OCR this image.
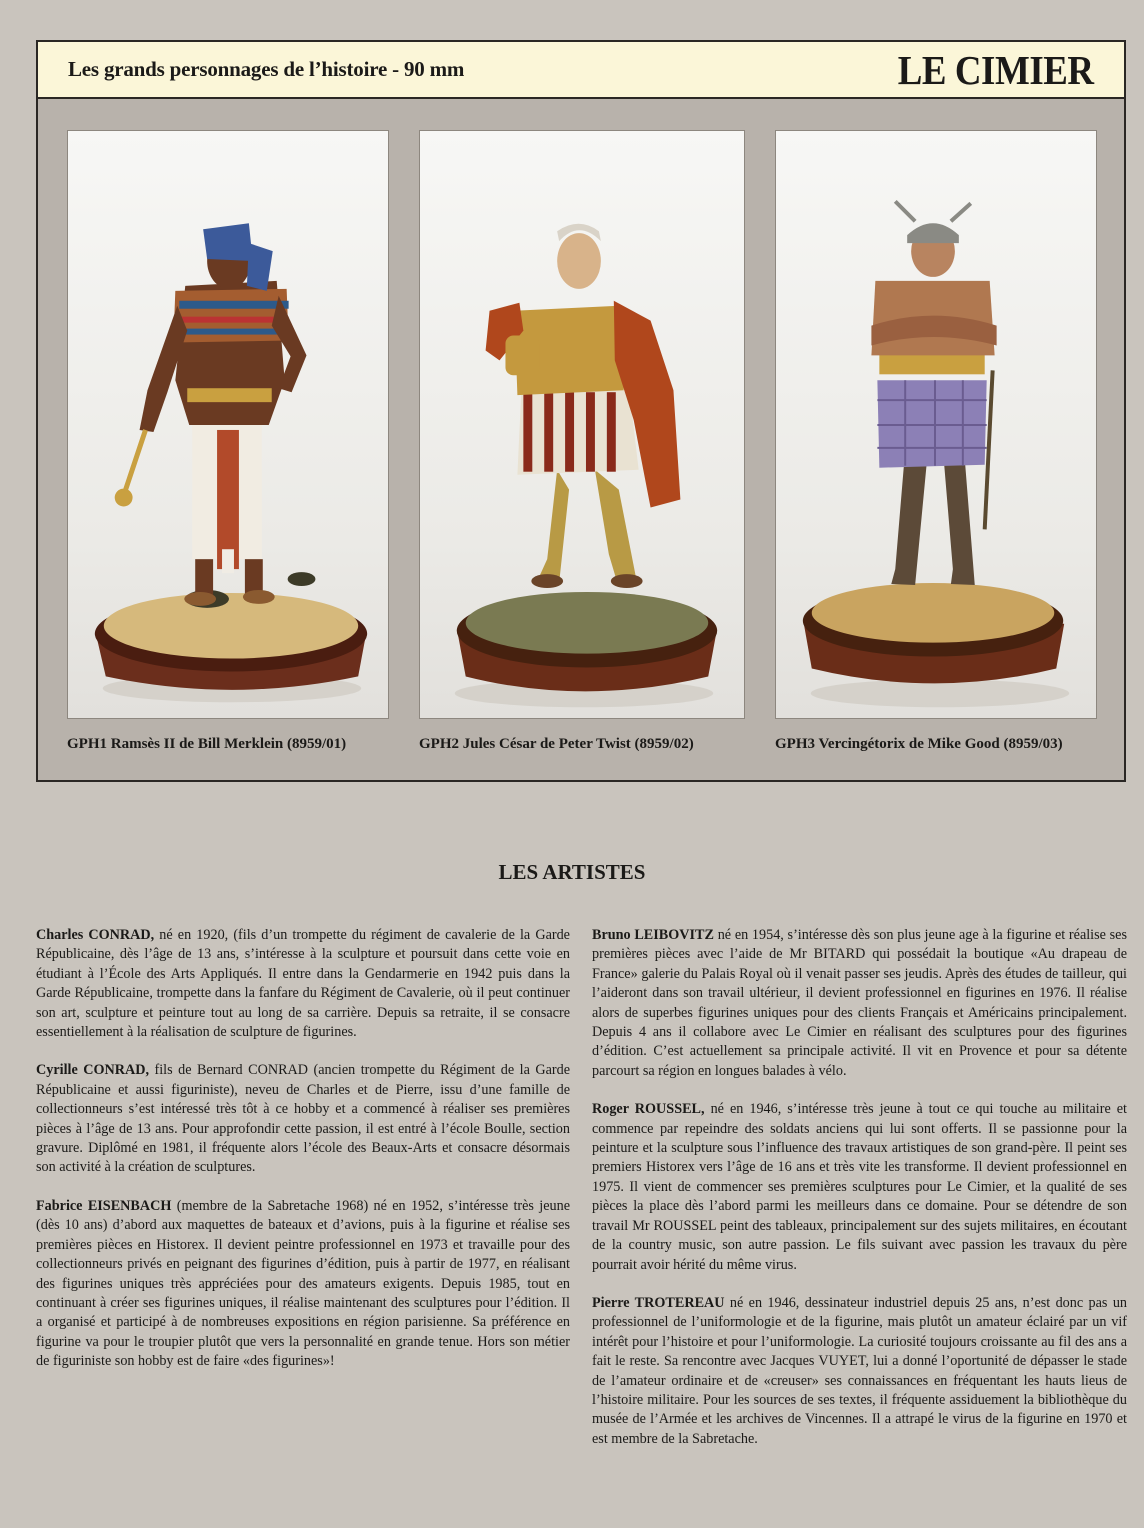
Les grands personnages de l’histoire - 90 mm	LE CIMIER
GPH1 Ramsès II de Bill Merklein (8959/01)	GPH2 Jules César de Peter Twist (8959/02)	GPH3 Vercingétorix de Mike Good (8959/03)
LES ARTISTES

Charles CONRAD, né en 1920, (fils d’un trompette du régiment de cavalerie de la Garde Républicaine, dès l’âge de 13 ans, s’intéresse à la sculpture et poursuit dans cette voie en étudiant à l’École des Arts Appliqués. Il entre dans la Gendarmerie en 1942 puis dans la Garde Républicaine, trompette dans la fanfare du Régiment de Cavalerie, où il peut continuer son art, sculpture et peinture tout au long de sa carrière. Depuis sa retraite, il se consacre essentiellement à la réalisation de sculpture de figurines.

Cyrille CONRAD, fils de Bernard CONRAD (ancien trompette du Régiment de la Garde Républicaine et aussi figuriniste), neveu de Charles et de Pierre, issu d’une famille de collectionneurs s’est intéressé très tôt à ce hobby et a commencé à réaliser ses premières pièces à l’âge de 13 ans. Pour approfondir cette passion, il est entré à l’école Boulle, section gravure. Diplômé en 1981, il fréquente alors l’école des Beaux-Arts et consacre désormais son activité à la création de sculptures.

Fabrice EISENBACH (membre de la Sabretache 1968) né en 1952, s’intéresse très jeune (dès 10 ans) d’abord aux maquettes de bateaux et d’avions, puis à la figurine et réalise ses premières pièces en Historex. Il devient peintre professionnel en 1973 et travaille pour des collectionneurs privés en peignant des figurines d’édition, puis à partir de 1977, en réalisant des figurines uniques très appréciées pour des amateurs exigents. Depuis 1985, tout en continuant à créer ses figurines uniques, il réalise maintenant des sculptures pour l’édition. Il a organisé et participé à de nombreuses expositions en région parisienne. Sa préférence en figurine va pour le troupier plutôt que vers la personnalité en grande tenue. Hors son métier de figuriniste son hobby est de faire «des figurines»!

Bruno LEIBOVITZ né en 1954, s’intéresse dès son plus jeune age à la figurine et réalise ses premières pièces avec l’aide de Mr BITARD qui possédait la boutique «Au drapeau de France» galerie du Palais Royal où il venait passer ses jeudis. Après des études de tailleur, qui l’aideront dans son travail ultérieur, il devient professionnel en figurines en 1976. Il réalise alors de superbes figurines uniques pour des clients Français et Américains principalement. Depuis 4 ans il collabore avec Le Cimier en réalisant des sculptures pour des figurines d’édition. C’est actuellement sa principale activité. Il vit en Provence et pour sa détente parcourt sa région en longues balades à vélo.

Roger ROUSSEL, né en 1946, s’intéresse très jeune à tout ce qui touche au militaire et commence par repeindre des soldats anciens qui lui sont offerts. Il se passionne pour la peinture et la sculpture sous l’influence des travaux artistiques de son grand-père. Il peint ses premiers Historex vers l’âge de 16 ans et très vite les transforme. Il devient professionnel en 1975. Il vient de commencer ses premières sculptures pour Le Cimier, et la qualité de ses pièces la place dès l’abord parmi les meilleurs dans ce domaine. Pour se détendre de son travail Mr ROUSSEL peint des tableaux, principalement sur des sujets militaires, en écoutant de la country music, son autre passion. Le fils suivant avec passion les travaux du père pourrait avoir hérité du même virus.

Pierre TROTEREAU né en 1946, dessinateur industriel depuis 25 ans, n’est donc pas un professionnel de l’uniformologie et de la figurine, mais plutôt un amateur éclairé par un vif intérêt pour l’histoire et pour l’uniformologie. La curiosité toujours croissante au fil des ans a fait le reste. Sa rencontre avec Jacques VUYET, lui a donné l’oportunité de dépasser le stade de l’amateur ordinaire et de «creuser» ses connaissances en fréquentant les hauts lieus de l’histoire militaire. Pour les sources de ses textes, il fréquente assiduement la bibliothèque du musée de l’Armée et les archives de Vincennes. Il a attrapé le virus de la figurine en 1970 et est membre de la Sabretache.
